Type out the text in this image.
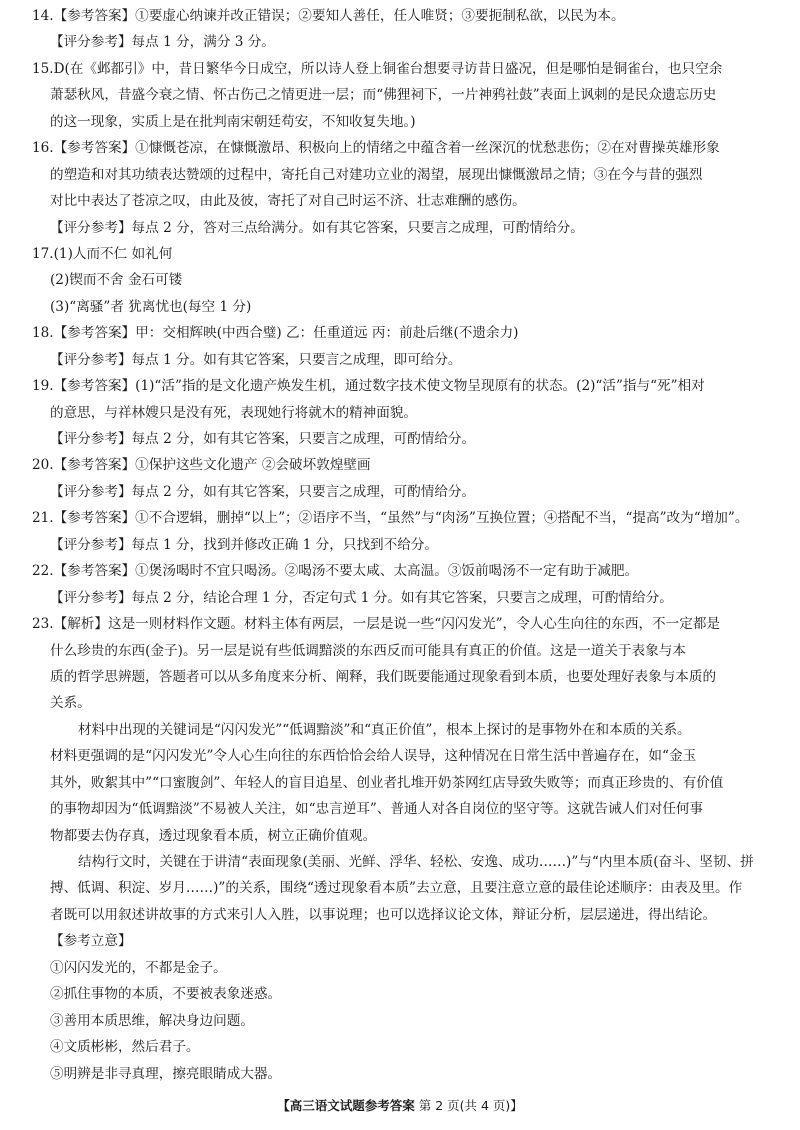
14.【参考答案】①要虚心纳谏并改正错误；②要知人善任，任人唯贤；③要扼制私欲，以民为本。
【评分参考】每点 1 分，满分 3 分。
15.D(在《邺都引》中，昔日繁华今日成空，所以诗人登上铜雀台想要寻访昔日盛况，但是哪怕是铜雀台，也只空余
萧瑟秋风，昔盛今衰之情、怀古伤己之情更进一层；而“佛狸祠下，一片神鸦社鼓”表面上讽刺的是民众遗忘历史
的这一现象，实质上是在批判南宋朝廷苟安，不知收复失地。)
16.【参考答案】①慷慨苍凉，在慷慨激昂、积极向上的情绪之中蕴含着一丝深沉的忧愁悲伤；②在对曹操英雄形象
的塑造和对其功绩表达赞颂的过程中，寄托自己对建功立业的渴望，展现出慷慨激昂之情；③在今与昔的强烈
对比中表达了苍凉之叹，由此及彼，寄托了对自己时运不济、壮志难酬的感伤。
【评分参考】每点 2 分，答对三点给满分。如有其它答案，只要言之成理，可酌情给分。
17.(1)人而不仁 如礼何
(2)锲而不舍 金石可镂
(3)“离骚”者 犹离忧也(每空 1 分)
18.【参考答案】甲：交相辉映(中西合璧) 乙：任重道远 丙：前赴后继(不遗余力)
【评分参考】每点 1 分。如有其它答案，只要言之成理，即可给分。
19.【参考答案】(1)“活”指的是文化遗产焕发生机，通过数字技术使文物呈现原有的状态。(2)“活”指与“死”相对
的意思，与祥林嫂只是没有死，表现她行将就木的精神面貌。
【评分参考】每点 2 分，如有其它答案，只要言之成理，可酌情给分。
20.【参考答案】①保护这些文化遗产 ②会破坏敦煌壁画
【评分参考】每点 2 分，如有其它答案，只要言之成理，可酌情给分。
21.【参考答案】①不合逻辑，删掉“以上”；②语序不当，“虽然”与“肉汤”互换位置；④搭配不当，“提高”改为“增加”。
【评分参考】每点 1 分，找到并修改正确 1 分，只找到不给分。
22.【参考答案】①煲汤喝时不宜只喝汤。②喝汤不要太咸、太高温。③饭前喝汤不一定有助于减肥。
【评分参考】每点 2 分，结论合理 1 分，否定句式 1 分。如有其它答案，只要言之成理，可酌情给分。
23.【解析】这是一则材料作文题。材料主体有两层，一层是说一些“闪闪发光”，令人心生向往的东西，不一定都是
什么珍贵的东西(金子)。另一层是说有些低调黯淡的东西反而可能具有真正的价值。这是一道关于表象与本
质的哲学思辨题，答题者可以从多角度来分析、阐释，我们既要能通过现象看到本质，也要处理好表象与本质的
关系。
材料中出现的关键词是“闪闪发光”“低调黯淡”和“真正价值”，根本上探讨的是事物外在和本质的关系。
材料更强调的是“闪闪发光”令人心生向往的东西恰恰会给人误导，这种情况在日常生活中普遍存在，如“金玉
其外，败絮其中”“口蜜腹剑”、年轻人的盲目追星、创业者扎堆开奶茶网红店导致失败等；而真正珍贵的、有价值
的事物却因为“低调黯淡”不易被人关注，如“忠言逆耳”、普通人对各自岗位的坚守等。这就告诫人们对任何事
物都要去伪存真，透过现象看本质，树立正确价值观。
结构行文时，关键在于讲清“表面现象(美丽、光鲜、浮华、轻松、安逸、成功……)”与“内里本质(奋斗、坚韧、拼
搏、低调、积淀、岁月……)”的关系，围绕“透过现象看本质”去立意，且要注意立意的最佳论述顺序：由表及里。作
者既可以用叙述讲故事的方式来引人入胜，以事说理；也可以选择议论文体，辩证分析，层层递进，得出结论。
【参考立意】
①闪闪发光的，不都是金子。
②抓住事物的本质，不要被表象迷惑。
③善用本质思维，解决身边问题。
④文质彬彬，然后君子。
⑤明辨是非寻真理，擦亮眼睛成大器。
【高三语文试题参考答案 第 2 页(共 4 页)】
